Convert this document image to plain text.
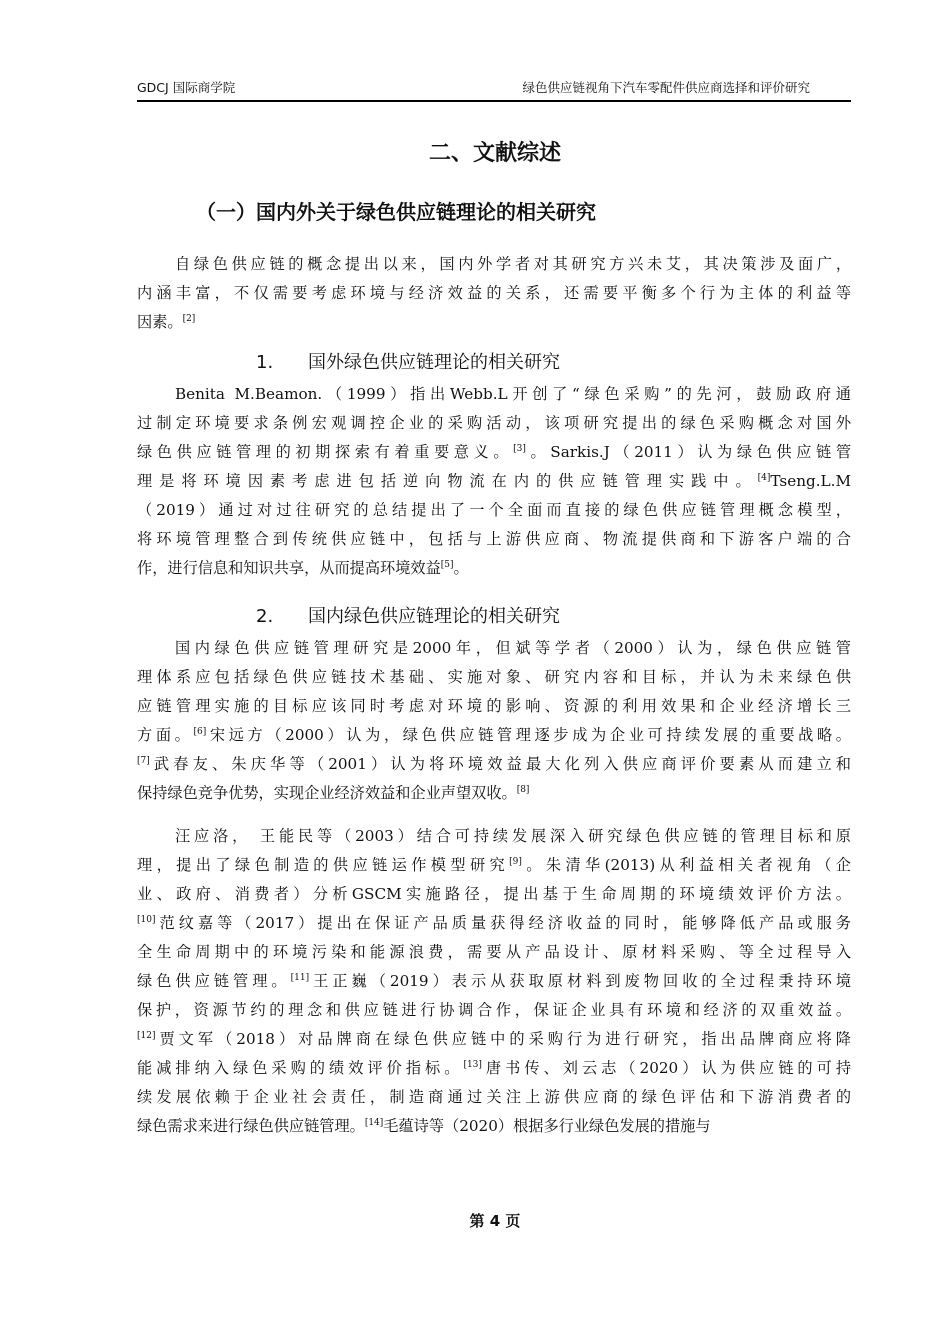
GDCJ 国际商学院	绿色供应链视角下汽车零配件供应商选择和评价研究
二、文献综述
（一）国内外关于绿色供应链理论的相关研究
自绿色供应链的概念提出以来，国内外学者对其研究方兴未艾，其决策涉及面广，
内涵丰富，不仅需要考虑环境与经济效益的关系，还需要平衡多个行为主体的利益等
因素。[2]
1. 国外绿色供应链理论的相关研究
Benita M.Beamon.（1999）指出Webb.L开创了“绿色采购”的先河，鼓励政府通
过制定环境要求条例宏观调控企业的采购活动，该项研究提出的绿色采购概念对国外
绿色供应链管理的初期探索有着重要意义。[3]。Sarkis.J（2011）认为绿色供应链管
理是将环境因素考虑进包括逆向物流在内的供应链管理实践中。[4]Tseng.L.M
（2019）通过对过往研究的总结提出了一个全面而直接的绿色供应链管理概念模型，
将环境管理整合到传统供应链中，包括与上游供应商、物流提供商和下游客户端的合
作，进行信息和知识共享，从而提高环境效益[5]。
2. 国内绿色供应链理论的相关研究
国内绿色供应链管理研究是2000年，但斌等学者（2000）认为，绿色供应链管
理体系应包括绿色供应链技术基础、实施对象、研究内容和目标，并认为未来绿色供
应链管理实施的目标应该同时考虑对环境的影响、资源的利用效果和企业经济增长三
方面。[6]宋远方（2000）认为，绿色供应链管理逐步成为企业可持续发展的重要战略。
[7]武春友、朱庆华等（2001）认为将环境效益最大化列入供应商评价要素从而建立和
保持绿色竞争优势，实现企业经济效益和企业声望双收。[8]
汪应洛， 王能民等（2003）结合可持续发展深入研究绿色供应链的管理目标和原
理，提出了绿色制造的供应链运作模型研究[9]。朱清华(2013)从利益相关者视角（企
业、政府、消费者）分析GSCM实施路径，提出基于生命周期的环境绩效评价方法。
[10]范纹嘉等（2017）提出在保证产品质量获得经济收益的同时，能够降低产品或服务
全生命周期中的环境污染和能源浪费，需要从产品设计、原材料采购、等全过程导入
绿色供应链管理。[11]王正巍（2019）表示从获取原材料到废物回收的全过程秉持环境
保护，资源节约的理念和供应链进行协调合作，保证企业具有环境和经济的双重效益。
[12]贾文军（2018）对品牌商在绿色供应链中的采购行为进行研究，指出品牌商应将降
能减排纳入绿色采购的绩效评价指标。[13]唐书传、刘云志（2020）认为供应链的可持
续发展依赖于企业社会责任，制造商通过关注上游供应商的绿色评估和下游消费者的
绿色需求来进行绿色供应链管理。[14]毛蕴诗等（2020）根据多行业绿色发展的措施与
第 4 页
